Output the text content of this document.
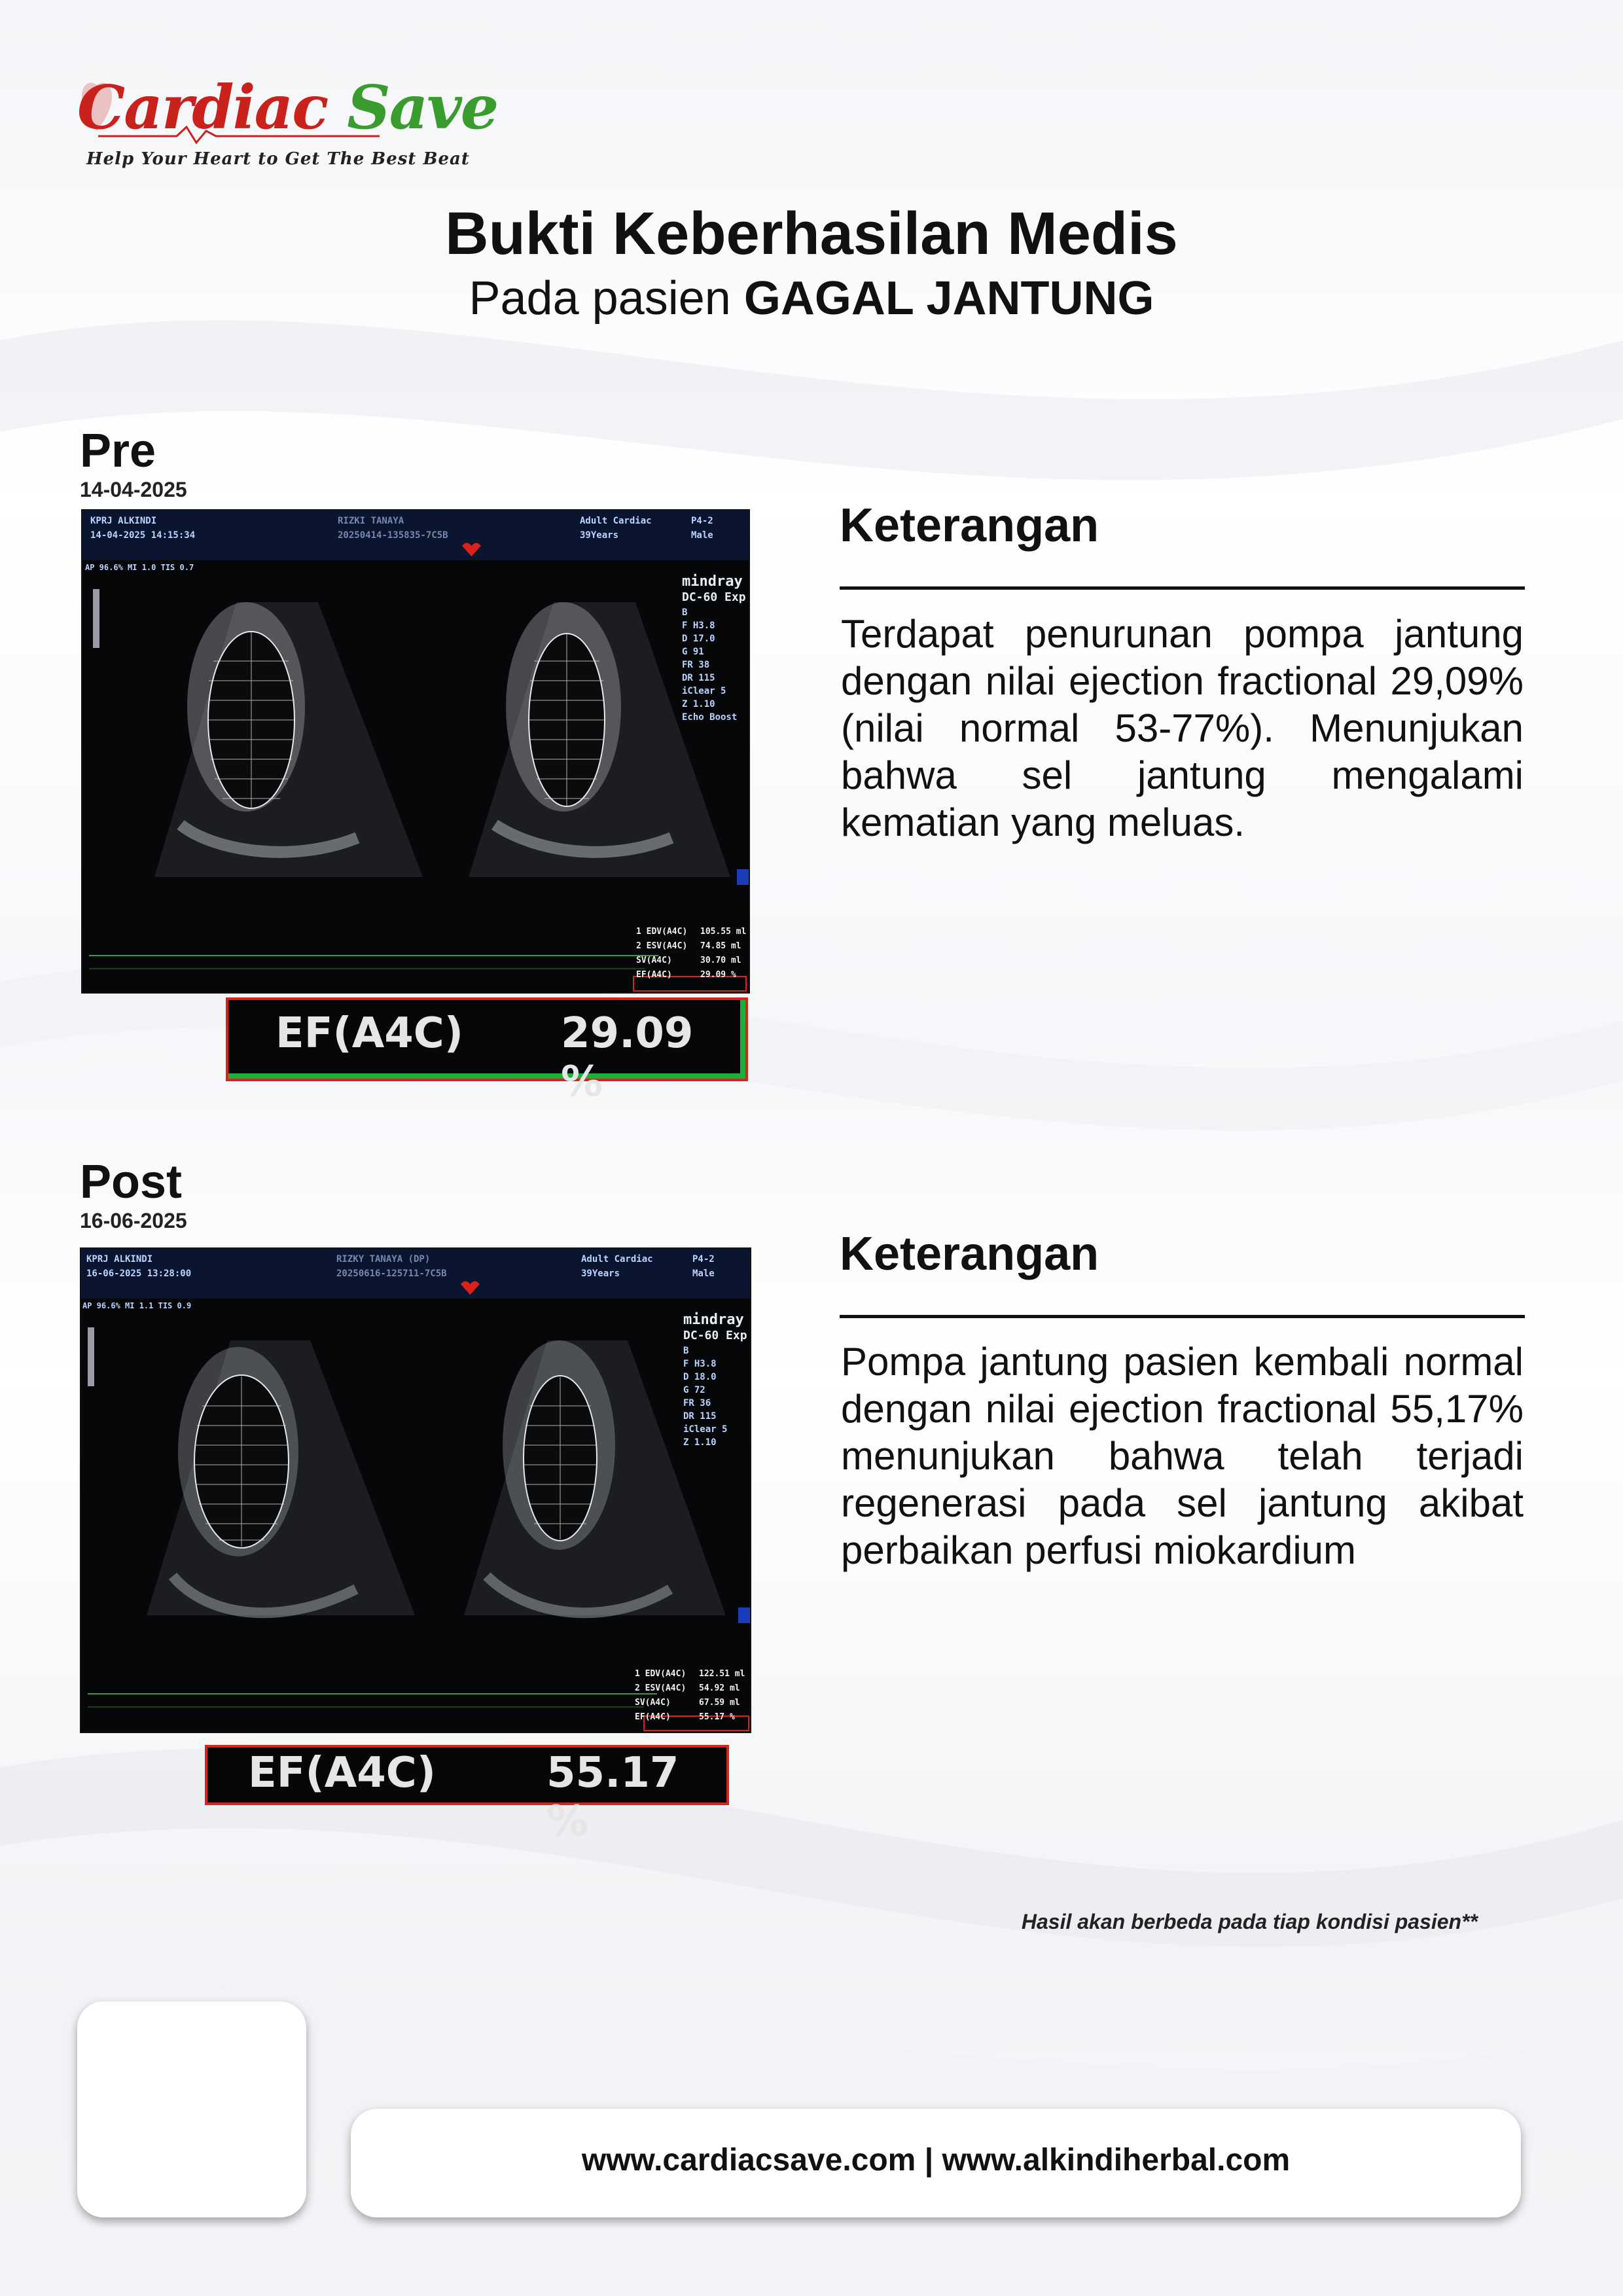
Cardiac Save
Help Your Heart to Get The Best Beat
Bukti Keberhasilan Medis
Pada pasien GAGAL JANTUNG
Pre
14-04-2025
KPRJ ALKINDI
14-04-2025 14:15:34
AP 96.6% MI 1.0 TIS 0.7
RIZKI TANAYA
20250414-135835-7C5B
Adult Cardiac
39Years
P4-2
Male
mindray
DC-60 Exp
B
F H3.8
D 17.0
G 91
FR 38
DR 115
iClear 5
Z 1.10
Echo Boost
1 EDV(A4C) 105.55 ml
2 ESV(A4C) 74.85 ml
SV(A4C)	30.70 ml
EF(A4C)	29.09 %
EF(A4C) 29.09 %
Keterangan
Terdapat penurunan pompa jantung dengan nilai ejection fractional 29,09% (nilai normal 53-77%). Menunjukan bahwa sel jantung mengalami kematian yang meluas.
Post
16-06-2025
KPRJ ALKINDI
16-06-2025 13:28:00
AP 96.6% MI 1.1 TIS 0.9
RIZKY TANAYA (DP)
20250616-125711-7C5B
Adult Cardiac
39Years
P4-2
Male
mindray
DC-60 Exp
B
F H3.8
D 18.0
G 72
FR 36
DR 115
iClear 5
Z 1.10
1 EDV(A4C) 122.51 ml
2 ESV(A4C) 54.92 ml
SV(A4C)	67.59 ml
EF(A4C)	55.17 %
EF(A4C)	55.17 %
Keterangan
Pompa jantung pasien kembali normal dengan nilai ejection fractional 55,17% menunjukan bahwa telah terjadi regenerasi pada sel jantung akibat perbaikan perfusi miokardium
Hasil akan berbeda pada tiap kondisi pasien**
www.cardiacsave.com | www.alkindiherbal.com
